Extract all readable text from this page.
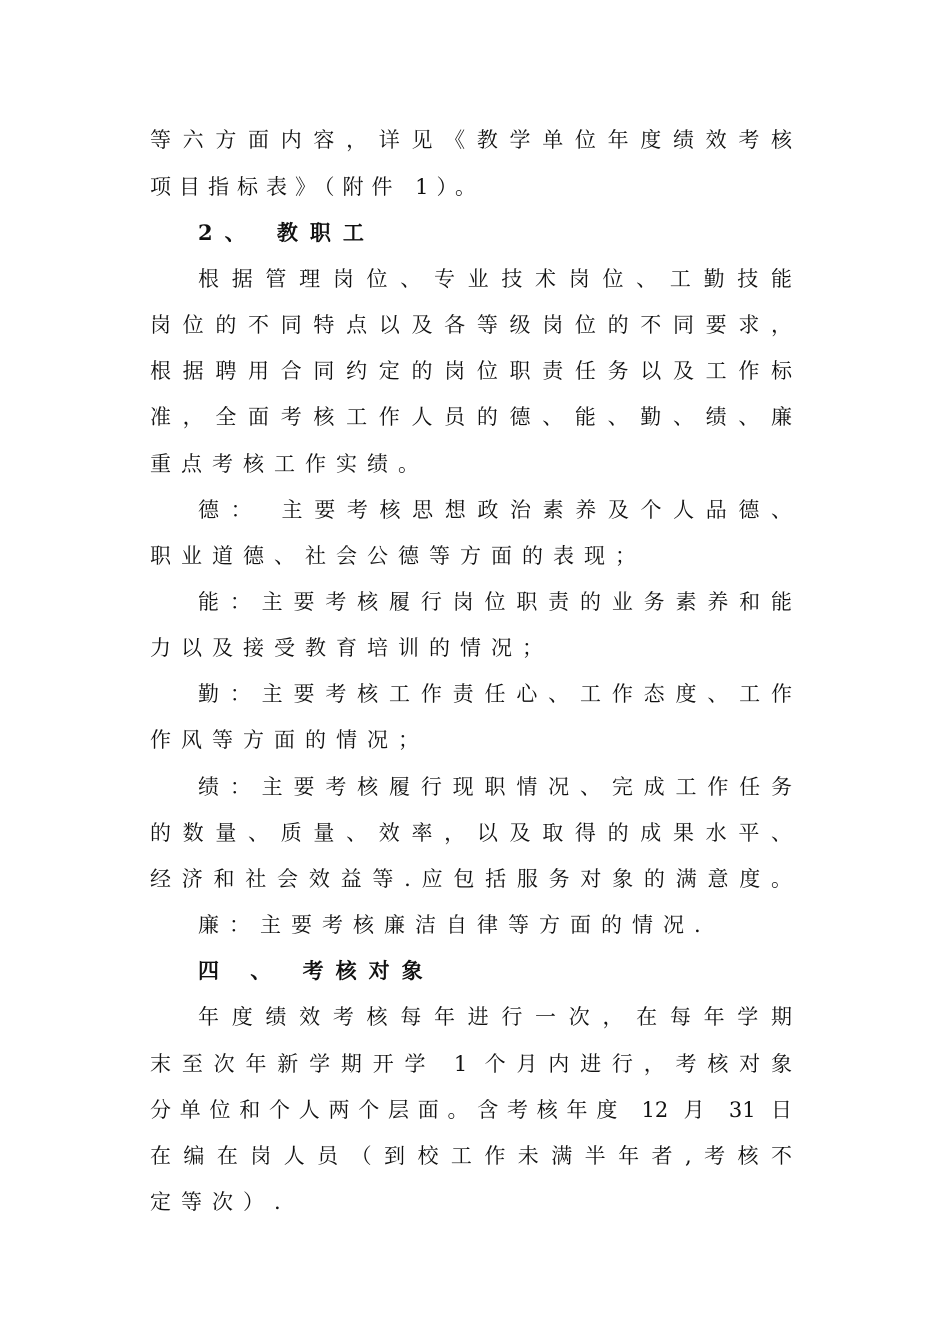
等六方面内容，详见《教学单位年度绩效考核
项目指标表》（附件 1）。
2、 教职工
根据管理岗位、专业技术岗位、工勤技能
岗位的不同特点以及各等级岗位的不同要求，
根据聘用合同约定的岗位职责任务以及工作标
准，全面考核工作人员的德、能、勤、绩、廉
重点考核工作实绩。
德： 主要考核思想政治素养及个人品德、
职业道德、社会公德等方面的表现；
能：主要考核履行岗位职责的业务素养和能
力以及接受教育培训的情况；
勤：主要考核工作责任心、工作态度、工作
作风等方面的情况；
绩：主要考核履行现职情况、完成工作任务
的数量、质量、效率，以及取得的成果水平、
经济和社会效益等.应包括服务对象的满意度。
廉：主要考核廉洁自律等方面的情况.
四 、 考核对象
年度绩效考核每年进行一次，在每年学期
末至次年新学期开学 1 个月内进行，考核对象
分单位和个人两个层面。含考核年度 12 月 31 日
在编在岗人员（到校工作未满半年者,考核不
定等次）.
